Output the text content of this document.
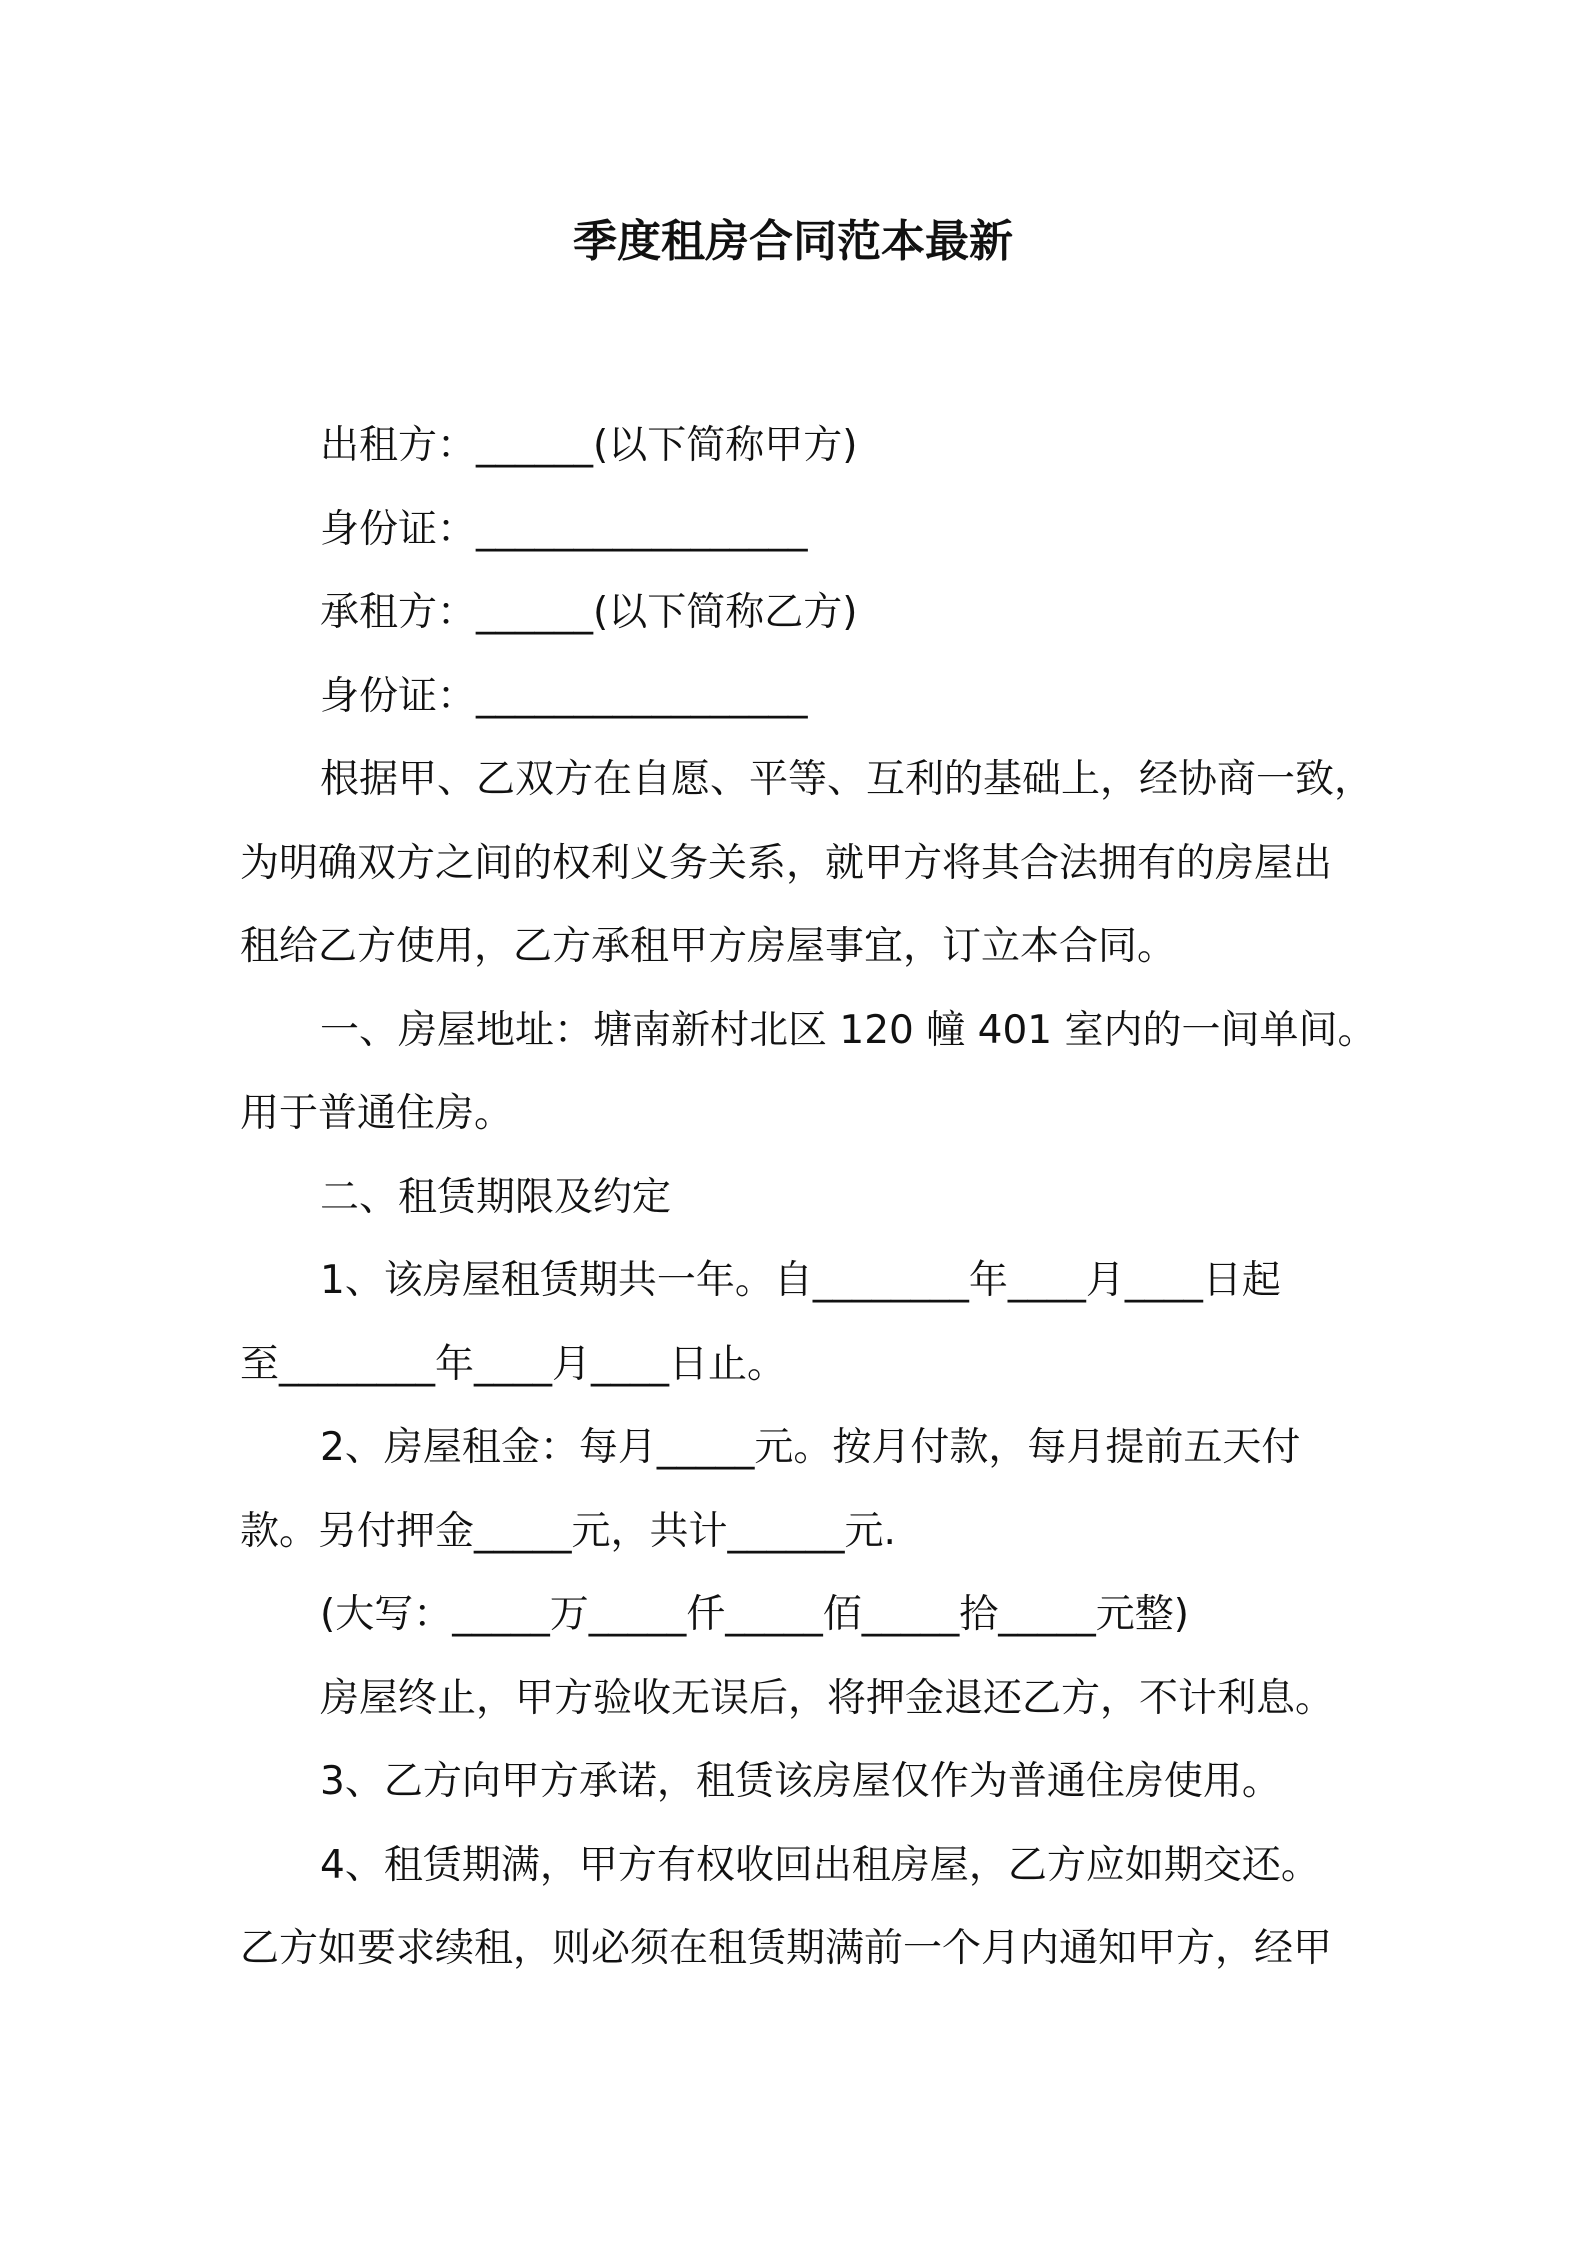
季度租房合同范本最新
出租方：______(以下简称甲方)
身份证：_________________
承租方：______(以下简称乙方)
身份证：_________________
根据甲、乙双方在自愿、平等、互利的基础上，经协商一致，
为明确双方之间的权利义务关系，就甲方将其合法拥有的房屋出
租给乙方使用，乙方承租甲方房屋事宜，订立本合同。
一、房屋地址：塘南新村北区 120 幢 401 室内的一间单间。
用于普通住房。
二、租赁期限及约定
1、该房屋租赁期共一年。自________年____月____日起
至________年____月____日止。
2、房屋租金：每月_____元。按月付款，每月提前五天付
款。另付押金_____元，共计______元.
(大写：_____万_____仟_____佰_____拾_____元整)
房屋终止，甲方验收无误后，将押金退还乙方，不计利息。
3、乙方向甲方承诺，租赁该房屋仅作为普通住房使用。
4、租赁期满，甲方有权收回出租房屋，乙方应如期交还。
乙方如要求续租，则必须在租赁期满前一个月内通知甲方，经甲
